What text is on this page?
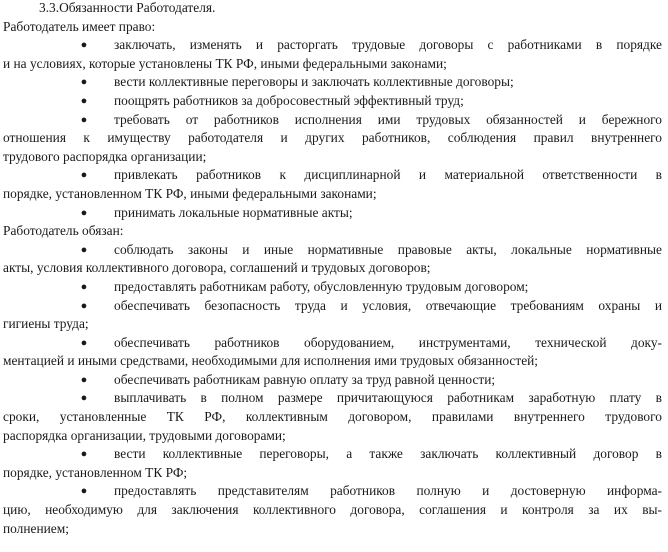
3.3.Обязанности Работодателя.
Работодатель имеет право:
●	заключать, изменять и расторгать трудовые договоры с работниками в порядке
и на условиях, которые установлены ТК РФ, иными федеральными законами;
●	вести коллективные переговоры и заключать коллективные договоры;
●	поощрять работников за добросовестный эффективный труд;
●	требовать от работников исполнения ими трудовых обязанностей и бережного
отношения к имуществу работодателя и других работников, соблюдения правил внутреннего
трудового распорядка организации;
●	привлекать работников к дисциплинарной и материальной ответственности в
порядке, установленном ТК РФ, иными федеральными законами;
●	принимать локальные нормативные акты;
Работодатель обязан:
●	соблюдать законы и иные нормативные правовые акты, локальные нормативные
акты, условия коллективного договора, соглашений и трудовых договоров;
●	предоставлять работникам работу, обусловленную трудовым договором;
●	обеспечивать безопасность труда и условия, отвечающие требованиям охраны и
гигиены труда;
●	обеспечивать работников оборудованием, инструментами, технической доку-
ментацией и иными средствами, необходимыми для исполнения ими трудовых обязанностей;
●	обеспечивать работникам равную оплату за труд равной ценности;
●	выплачивать в полном размере причитающуюся работникам заработную плату в
сроки, установленные ТК РФ, коллективным договором, правилами внутреннего трудового
распорядка организации, трудовыми договорами;
●	вести коллективные переговоры, а также заключать коллективный договор в
порядке, установленном ТК РФ;
●	предоставлять представителям работников полную и достоверную информа-
цию, необходимую для заключения коллективного договора, соглашения и контроля за их вы-
полнением;
